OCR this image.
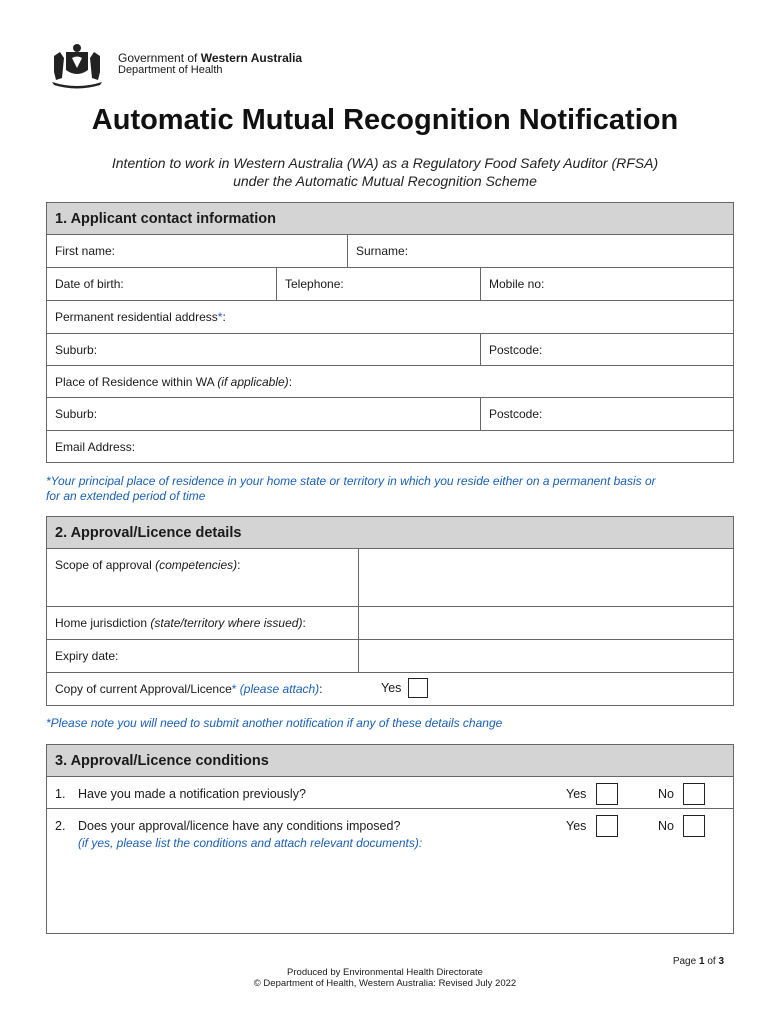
Government of Western Australia
Department of Health
Automatic Mutual Recognition Notification
Intention to work in Western Australia (WA) as a Regulatory Food Safety Auditor (RFSA)
under the Automatic Mutual Recognition Scheme
1. Applicant contact information
First name:	Surname:
Date of birth:	Telephone:	Mobile no:
Permanent residential address*:
Suburb:	Postcode:
Place of Residence within WA (if applicable):
Suburb:	Postcode:
Email Address:
*Your principal place of residence in your home state or territory in which you reside either on a permanent basis or
for an extended period of time
2. Approval/Licence details
Scope of approval (competencies):
Home jurisdiction (state/territory where issued):
Expiry date:
Copy of current Approval/Licence* (please attach):	Yes
*Please note you will need to submit another notification if any of these details change
3. Approval/Licence conditions
1. Have you made a notification previously?	Yes	No
2. Does your approval/licence have any conditions imposed?
(if yes, please list the conditions and attach relevant documents):
Yes	No
Page 1 of 3
Produced by Environmental Health Directorate
© Department of Health, Western Australia: Revised July 2022
